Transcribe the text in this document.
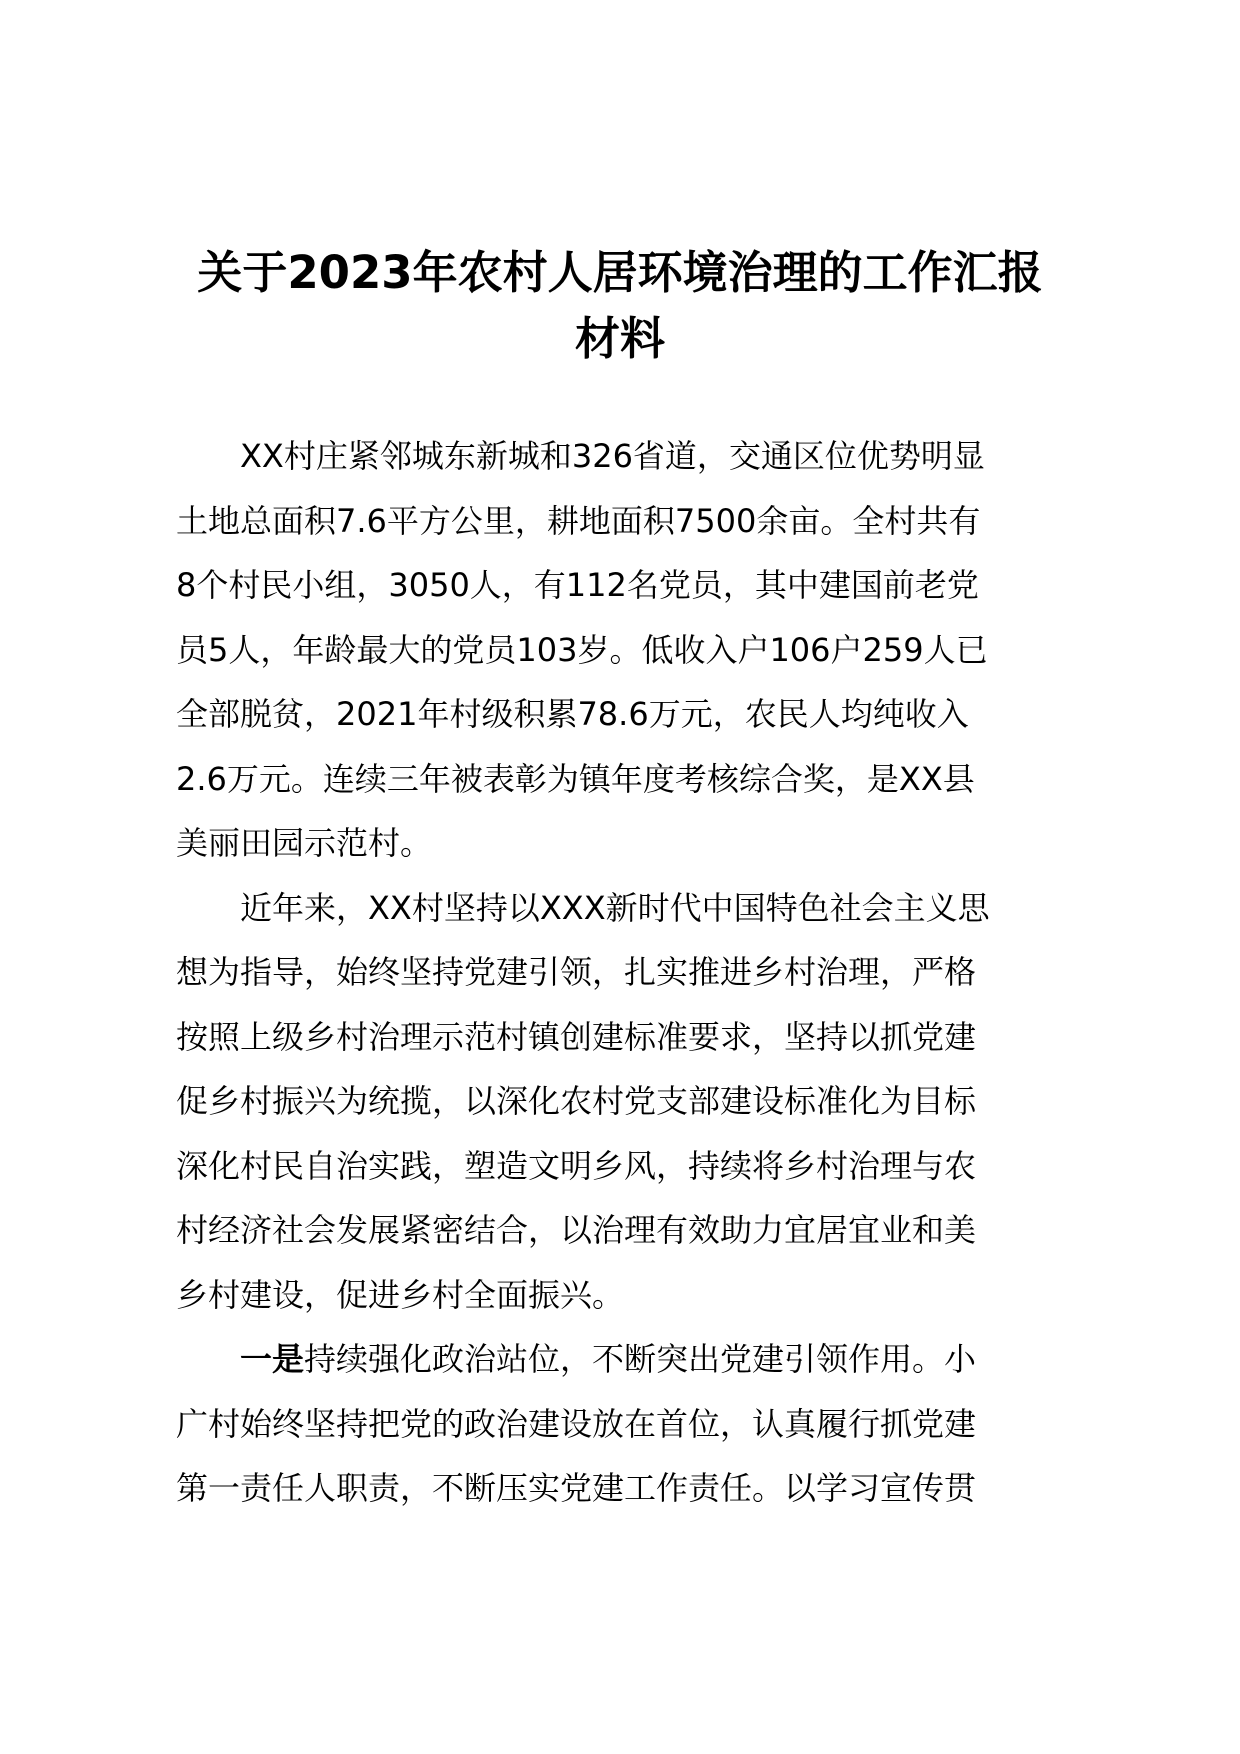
关于2023年农村人居环境治理的工作汇报
材料

XX村庄紧邻城东新城和326省道，交通区位优势明显
土地总面积7.6平方公里，耕地面积7500余亩。全村共有
8个村民小组，3050人，有112名党员，其中建国前老党
员5人，年龄最大的党员103岁。低收入户106户259人已
全部脱贫，2021年村级积累78.6万元，农民人均纯收入
2.6万元。连续三年被表彰为镇年度考核综合奖，是XX县
美丽田园示范村。

近年来，XX村坚持以XXX新时代中国特色社会主义思
想为指导，始终坚持党建引领，扎实推进乡村治理，严格
按照上级乡村治理示范村镇创建标准要求，坚持以抓党建
促乡村振兴为统揽，以深化农村党支部建设标准化为目标
深化村民自治实践，塑造文明乡风，持续将乡村治理与农
村经济社会发展紧密结合，以治理有效助力宜居宜业和美
乡村建设，促进乡村全面振兴。

一是持续强化政治站位，不断突出党建引领作用。小
广村始终坚持把党的政治建设放在首位，认真履行抓党建
第一责任人职责，不断压实党建工作责任。以学习宣传贯
